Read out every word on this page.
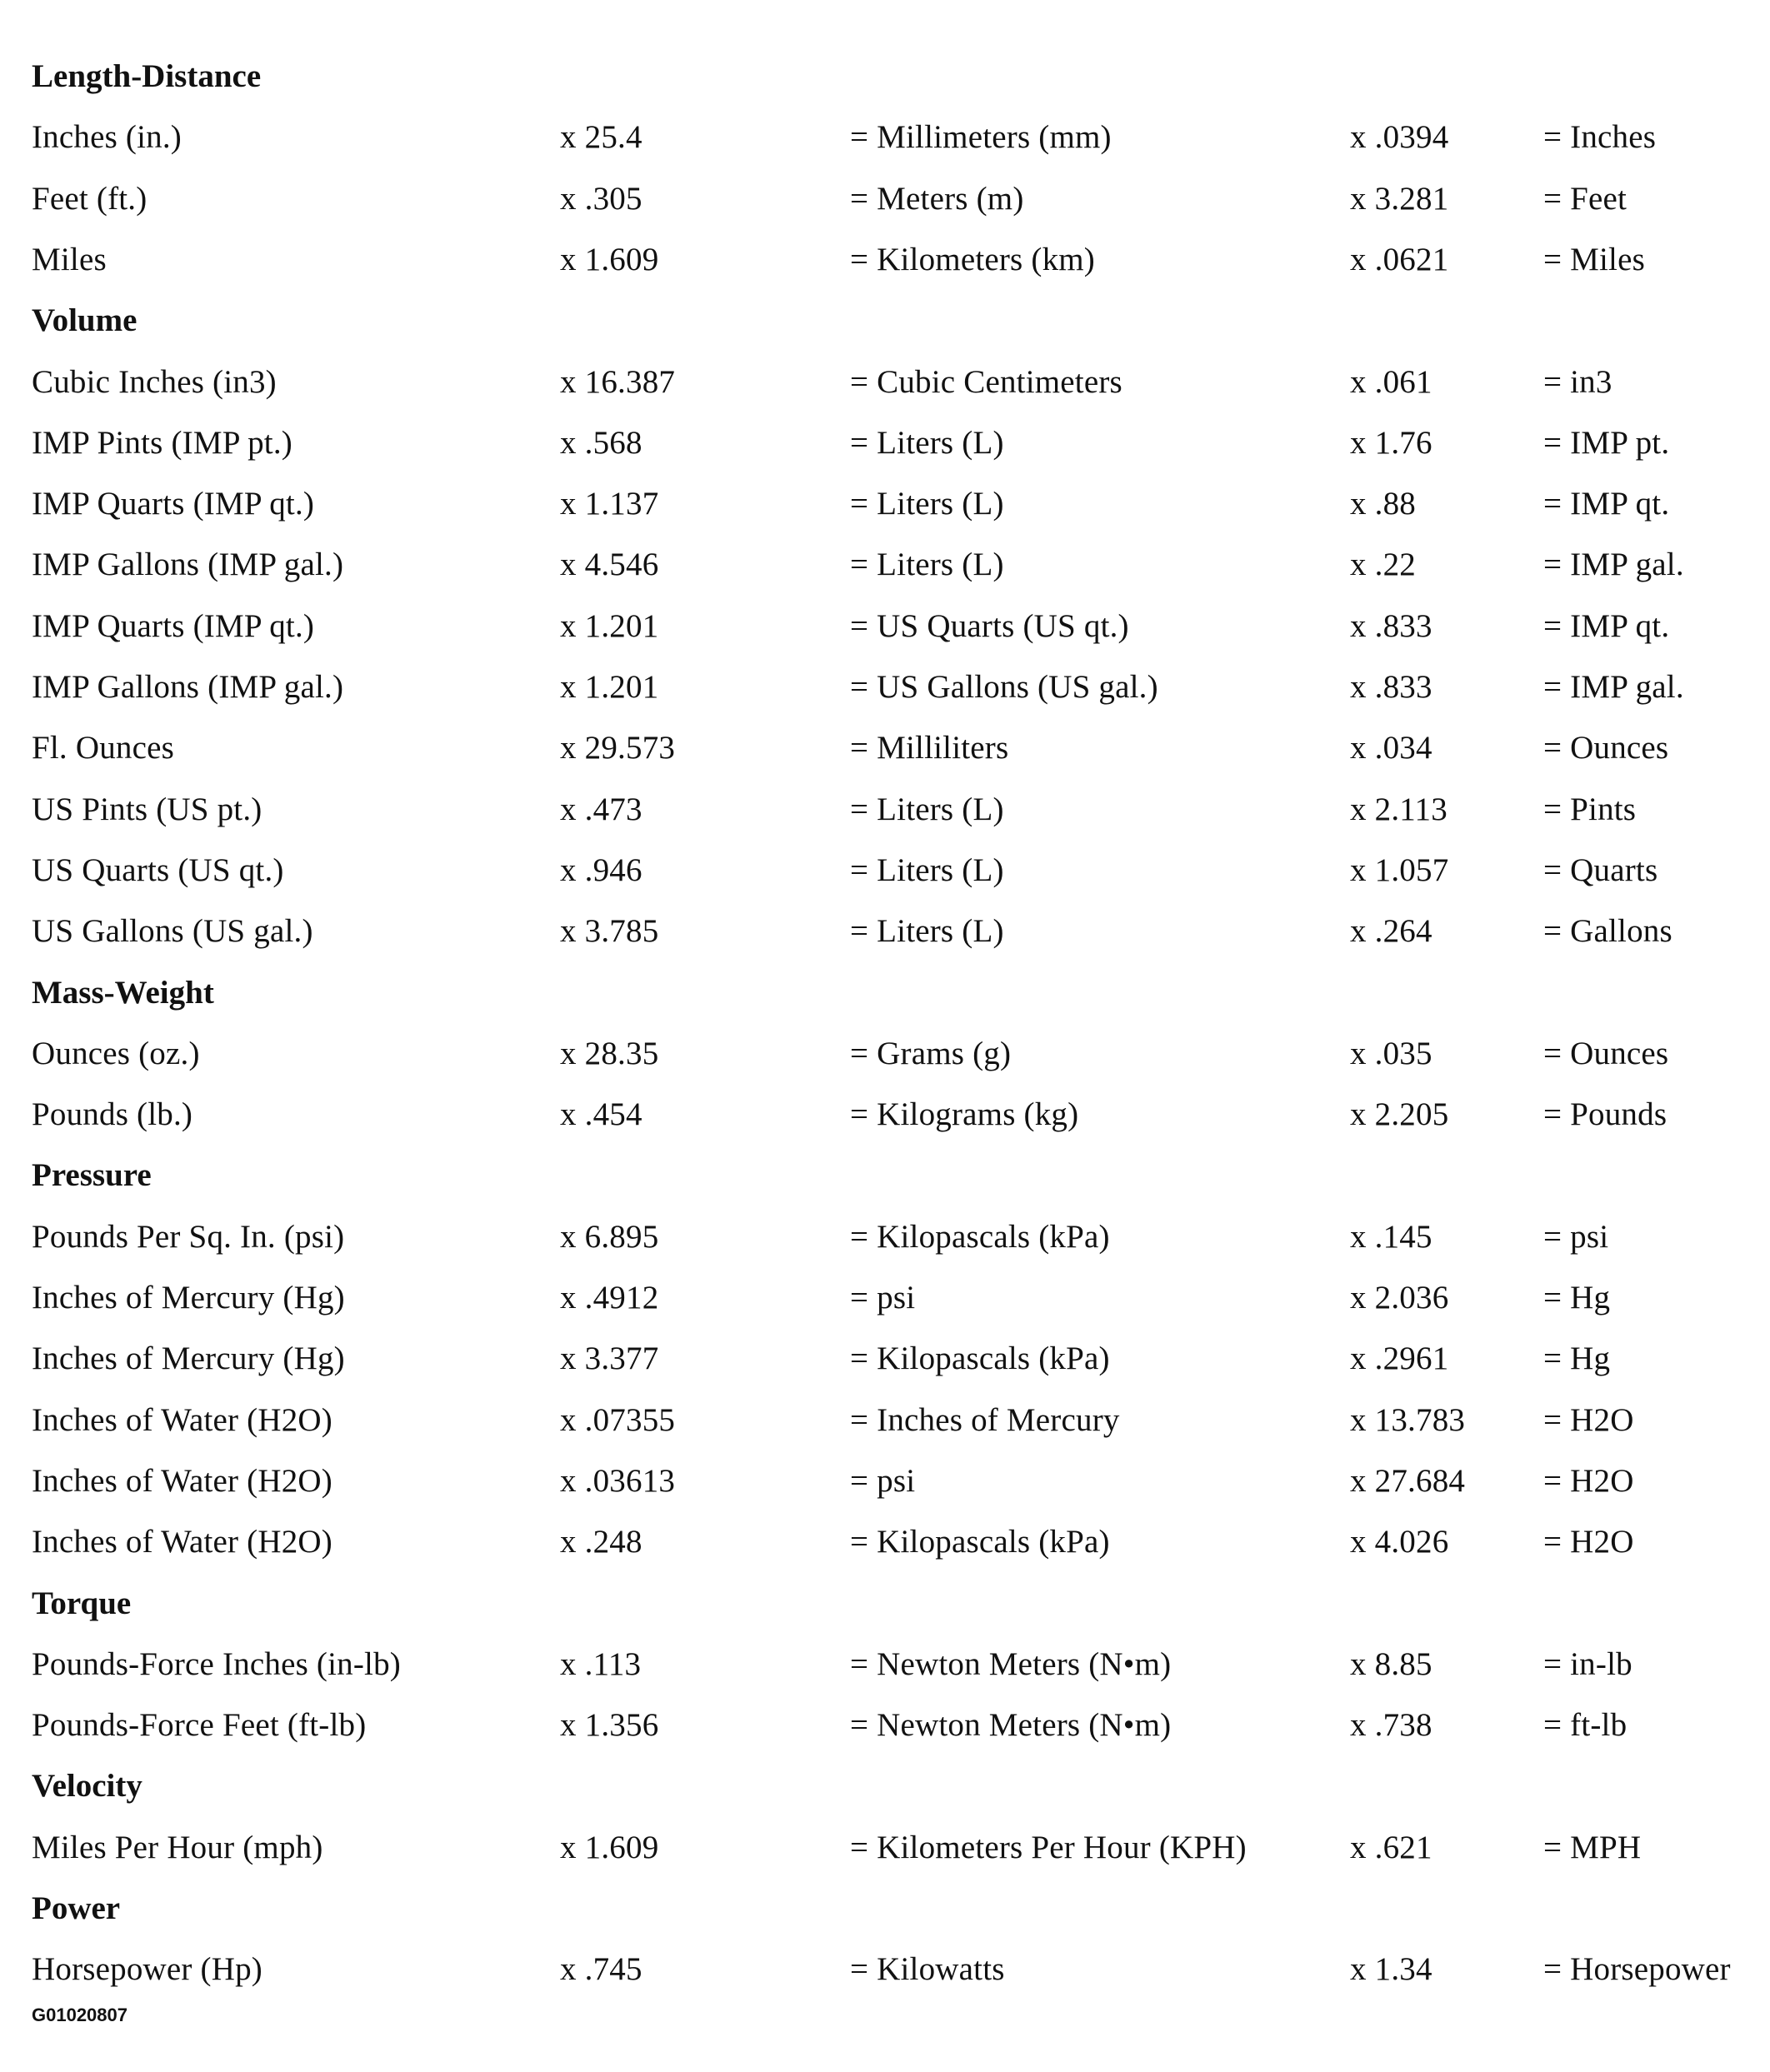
Length-Distance
Inches (in.)	x 25.4	= Millimeters (mm)	x .0394	= Inches
Feet (ft.)	x .305	= Meters (m)	x 3.281	= Feet
Miles	x 1.609	= Kilometers (km)	x .0621	= Miles
Volume
Cubic Inches (in3)	x 16.387	= Cubic Centimeters	x .061	= in3
IMP Pints (IMP pt.)	x .568	= Liters (L)	x 1.76	= IMP pt.
IMP Quarts (IMP qt.)	x 1.137	= Liters (L)	x .88	= IMP qt.
IMP Gallons (IMP gal.)	x 4.546	= Liters (L)	x .22	= IMP gal.
IMP Quarts (IMP qt.)	x 1.201	= US Quarts (US qt.)	x .833	= IMP qt.
IMP Gallons (IMP gal.)	x 1.201	= US Gallons (US gal.)	x .833	= IMP gal.
Fl. Ounces	x 29.573	= Milliliters	x .034	= Ounces
US Pints (US pt.)	x .473	= Liters (L)	x 2.113	= Pints
US Quarts (US qt.)	x .946	= Liters (L)	x 1.057	= Quarts
US Gallons (US gal.)	x 3.785	= Liters (L)	x .264	= Gallons
Mass-Weight
Ounces (oz.)	x 28.35	= Grams (g)	x .035	= Ounces
Pounds (lb.)	x .454	= Kilograms (kg)	x 2.205	= Pounds
Pressure
Pounds Per Sq. In. (psi)	x 6.895	= Kilopascals (kPa)	x .145	= psi
Inches of Mercury (Hg)	x .4912	= psi	x 2.036	= Hg
Inches of Mercury (Hg)	x 3.377	= Kilopascals (kPa)	x .2961	= Hg
Inches of Water (H2O)	x .07355	= Inches of Mercury	x 13.783 = H2O
Inches of Water (H2O)	x .03613	= psi	x 27.684 = H2O
Inches of Water (H2O)	x .248	= Kilopascals (kPa)	x 4.026	= H2O
Torque
Pounds-Force Inches (in-lb)	x .113	= Newton Meters (N•m)	x 8.85	= in-lb
Pounds-Force Feet (ft-lb)	x 1.356	= Newton Meters (N•m)	x .738	= ft-lb
Velocity
Miles Per Hour (mph)	x 1.609	= Kilometers Per Hour (KPH)	x .621	= MPH
Power
Horsepower (Hp)	x .745	= Kilowatts	x 1.34	= Horsepower
G01020807
